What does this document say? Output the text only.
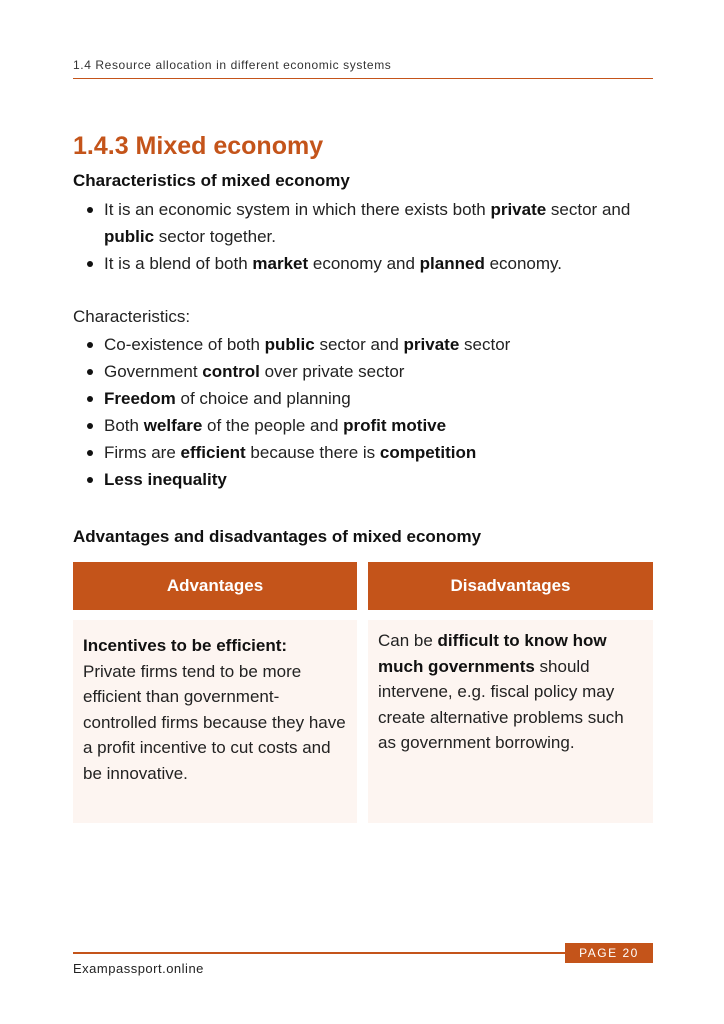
1.4 Resource allocation in different economic systems
1.4.3 Mixed economy
Characteristics of mixed economy
It is an economic system in which there exists both private sector and public sector together.
It is a blend of both market economy and planned economy.
Characteristics:
Co-existence of both public sector and private sector
Government control over private sector
Freedom of choice and planning
Both welfare of the people and profit motive
Firms are efficient because there is competition
Less inequality
Advantages and disadvantages of mixed economy
Advantages	Disadvantages
Incentives to be efficient:
Private firms tend to be more efficient than government-controlled firms because they have a profit incentive to cut costs and be innovative.
Can be difficult to know how much governments should intervene, e.g. fiscal policy may create alternative problems such as government borrowing.
PAGE 20
Exampassport.online
